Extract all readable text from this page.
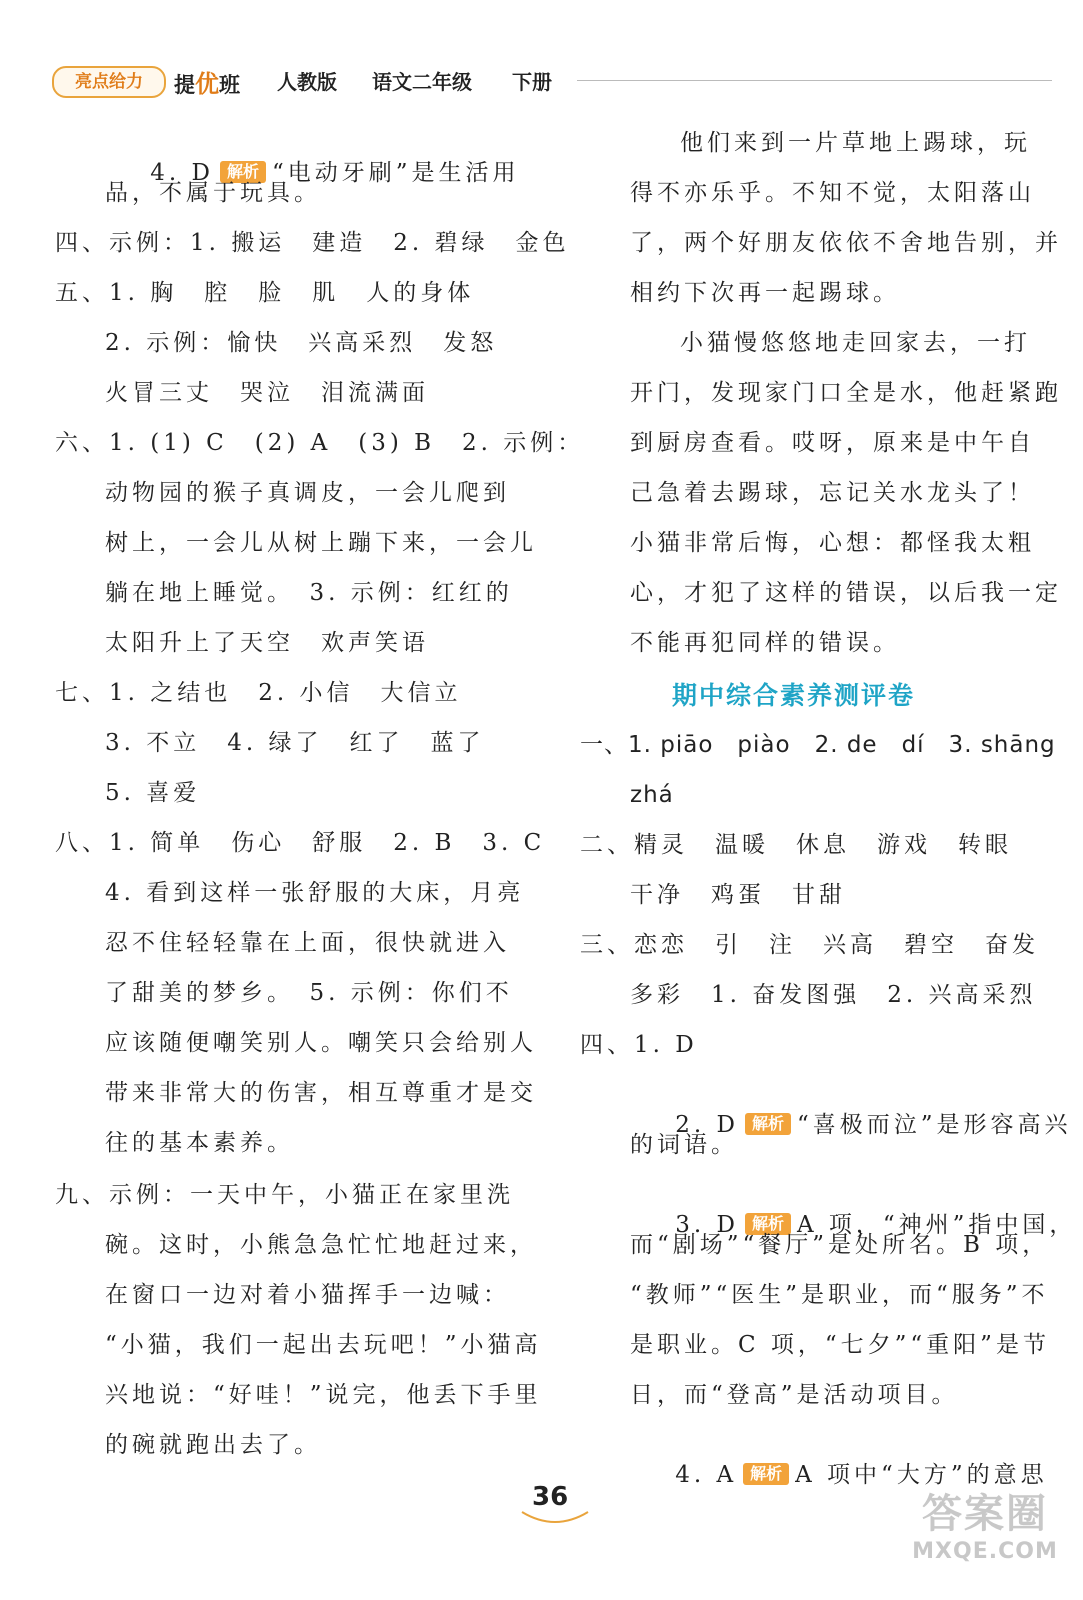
亮点给力	提优班 人教版 语文二年级 下册

4. D 解析 “电动牙刷”是生活用

品，不属于玩具。
四、示例：1. 搬运　建造　2. 碧绿　金色
五、1. 胸　腔　脸　肌　人的身体
2. 示例：愉快　兴高采烈　发怒
火冒三丈　哭泣　泪流满面
六、1. (1) C　(2) A　(3) B　2. 示例：
动物园的猴子真调皮，一会儿爬到
树上，一会儿从树上蹦下来，一会儿
躺在地上睡觉。　3. 示例：红红的
太阳升上了天空　欢声笑语
七、1. 之结也　2. 小信　大信立
3. 不立　4. 绿了　红了　蓝了
5. 喜爱
八、1. 简单　伤心　舒服　2. B　3. C
4. 看到这样一张舒服的大床，月亮
忍不住轻轻靠在上面，很快就进入
了甜美的梦乡。　5. 示例：你们不
应该随便嘲笑别人。嘲笑只会给别人
带来非常大的伤害，相互尊重才是交
往的基本素养。
九、示例：一天中午，小猫正在家里洗
碗。这时，小熊急急忙忙地赶过来，
在窗口一边对着小猫挥手一边喊：
“小猫，我们一起出去玩吧！”小猫高
兴地说：“好哇！”说完，他丢下手里
的碗就跑出去了。
他们来到一片草地上踢球，玩
得不亦乐乎。不知不觉，太阳落山
了，两个好朋友依依不舍地告别，并
相约下次再一起踢球。
小猫慢悠悠地走回家去，一打
开门，发现家门口全是水，他赶紧跑
到厨房查看。哎呀，原来是中午自
己急着去踢球，忘记关水龙头了！
小猫非常后悔，心想：都怪我太粗
心，才犯了这样的错误，以后我一定
不能再犯同样的错误。
期中综合素养测评卷
一、1. piāo　piào　2. de　dí　3. shāng
zhá
二、精灵　温暖　休息　游戏　转眼
干净　鸡蛋　甘甜
三、恋恋　引　注　兴高　碧空　奋发
多彩　1. 奋发图强　2. 兴高采烈
四、1. D

2. D 解析 “喜极而泣”是形容高兴

的词语。

3. D 解析 A 项，“神州”指中国，

而“剧场”“餐厅”是处所名。B 项，
“教师”“医生”是职业，而“服务”不
是职业。C 项，“七夕”“重阳”是节
日，而“登高”是活动项目。

4. A 解析 A 项中“大方”的意思

36	答案圈
MXQE.COM
